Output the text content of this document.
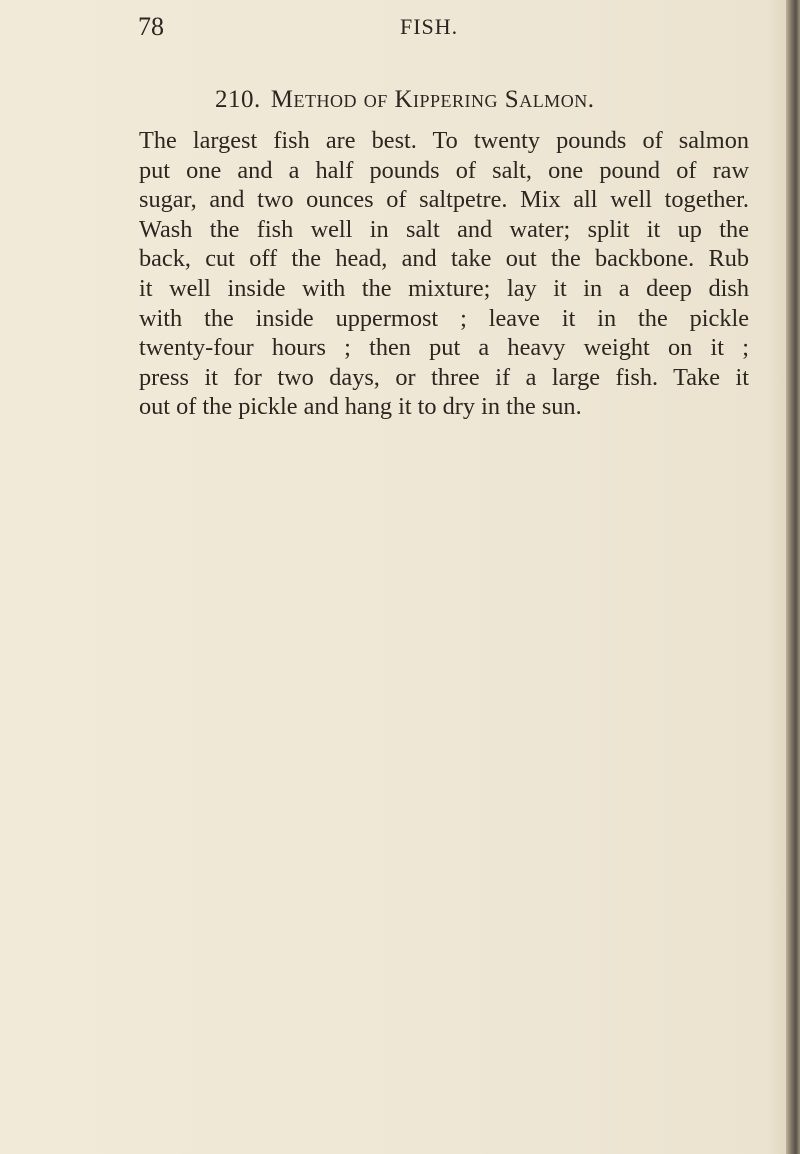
78	FISH.
210. Method of Kippering Salmon.
The largest fish are best. To twenty pounds of salmon
put one and a half pounds of salt, one pound of raw
sugar, and two ounces of saltpetre. Mix all well together.
Wash the fish well in salt and water; split it up the
back, cut off the head, and take out the backbone. Rub
it well inside with the mixture; lay it in a deep dish
with the inside uppermost ; leave it in the pickle
twenty-four hours ; then put a heavy weight on it ;
press it for two days, or three if a large fish. Take it
out of the pickle and hang it to dry in the sun.
